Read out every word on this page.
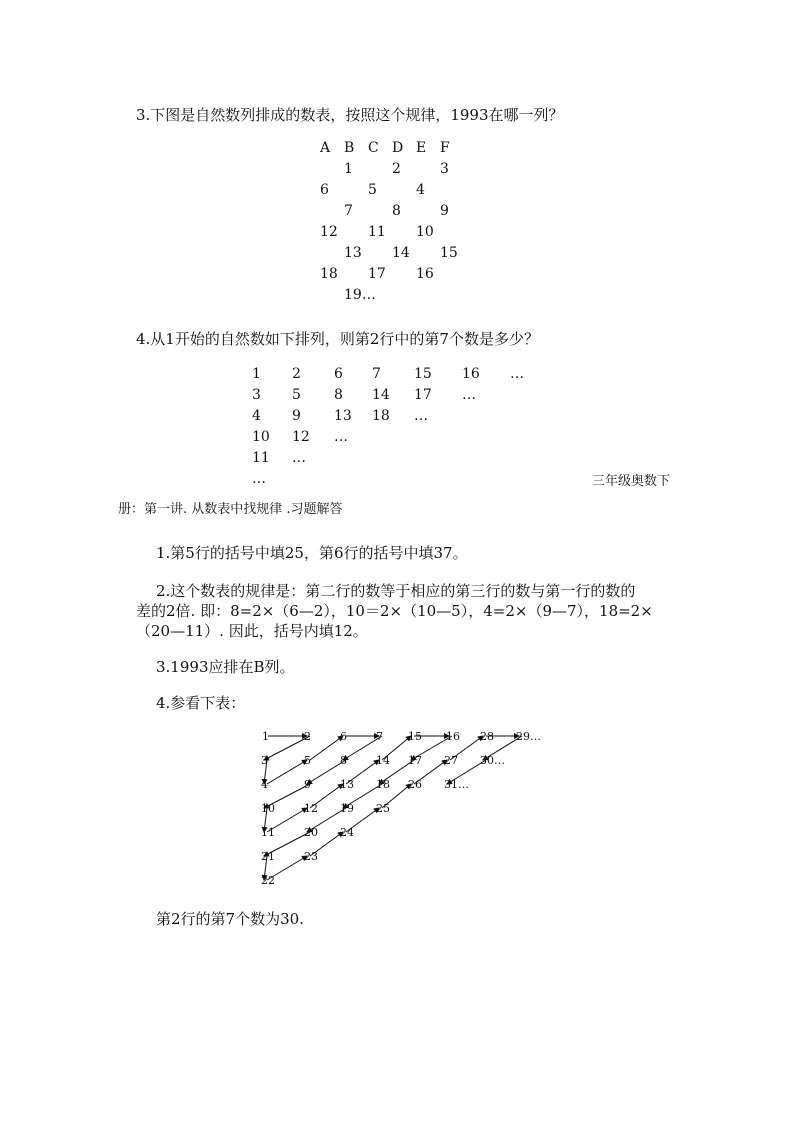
3.下图是自然数列排成的数表，按照这个规律，1993在哪一列？
A B C D E F
1	2	3
6	5	4
7	8	9
12 11 10
13 14 15
18 17 16
19…
4.从1开始的自然数如下排列，则第2行中的第7个数是多少？
1 2 6 7 15 16 …
3 5 8 14 17 …
4 9 13 18 …
10 12 …
11 …
…	三年级奥数下
册：第一讲. 从数表中找规律 .习题解答
1.第5行的括号中填25，第6行的括号中填37。
2.这个数表的规律是：第二行的数等于相应的第三行的数与第一行的数的
差的2倍. 即：8=2×（6—2），10＝2×（10—5），4=2×（9—7），18=2×
（20—11）. 因此，括号内填12。
3.1993应排在B列。
4.参看下表：
1	2	6	7 15 16 28 29…
3	5	8	14 17 27 30…
4	9	13 18 26 31…
10	12 19 25
11	20 24
21	23
22
第2行的第7个数为30.
